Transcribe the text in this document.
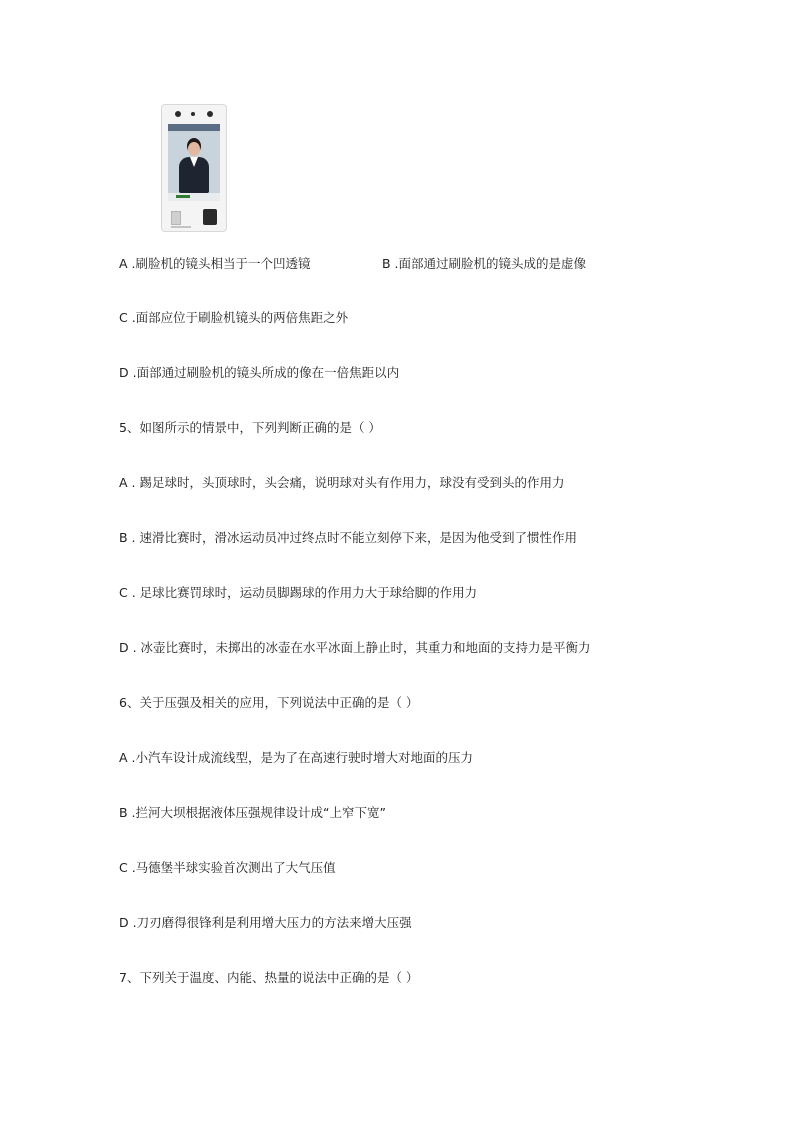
A .刷脸机的镜头相当于一个凹透镜	B .面部通过刷脸机的镜头成的是虚像
C .面部应位于刷脸机镜头的两倍焦距之外
D .面部通过刷脸机的镜头所成的像在一倍焦距以内
5、如图所示的情景中，下列判断正确的是（ ）
A . 踢足球时，头顶球时，头会痛，说明球对头有作用力，球没有受到头的作用力
B . 速滑比赛时，滑冰运动员冲过终点时不能立刻停下来，是因为他受到了惯性作用
C . 足球比赛罚球时，运动员脚踢球的作用力大于球给脚的作用力
D . 冰壶比赛时，未掷出的冰壶在水平冰面上静止时，其重力和地面的支持力是平衡力
6、关于压强及相关的应用，下列说法中正确的是（ ）
A .小汽车设计成流线型，是为了在高速行驶时增大对地面的压力
B .拦河大坝根据液体压强规律设计成“上窄下宽”
C .马德堡半球实验首次测出了大气压值
D .刀刃磨得很锋利是利用增大压力的方法来增大压强
7、下列关于温度、内能、热量的说法中正确的是（ ）
